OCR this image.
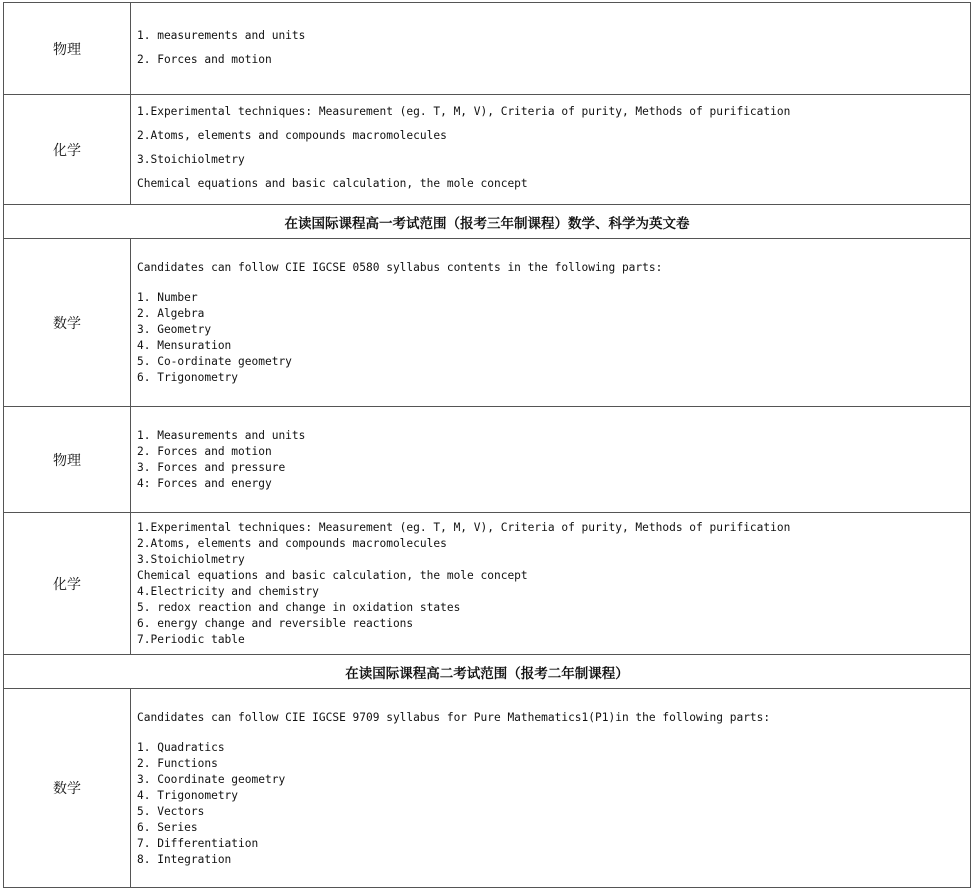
物理

1. measurements and units

2. Forces and motion

化学

1.Experimental techniques: Measurement (eg. T, M, V), Criteria of purity, Methods of purification

2.Atoms, elements and compounds macromolecules

3.Stoichiolmetry

Chemical equations and basic calculation, the mole concept

在读国际课程高一考试范围（报考三年制课程）数学、科学为英文卷
数学

Candidates can follow CIE IGCSE 0580 syllabus contents in the following parts:

1. Number

2. Algebra

3. Geometry

4. Mensuration

5. Co-ordinate geometry

6. Trigonometry

物理

1. Measurements and units

2. Forces and motion

3. Forces and pressure

4: Forces and energy

化学

1.Experimental techniques: Measurement (eg. T, M, V), Criteria of purity, Methods of purification

2.Atoms, elements and compounds macromolecules

3.Stoichiolmetry

Chemical equations and basic calculation, the mole concept

4.Electricity and chemistry

5. redox reaction and change in oxidation states

6. energy change and reversible reactions

7.Periodic table

在读国际课程高二考试范围（报考二年制课程）
数学

Candidates can follow CIE IGCSE 9709 syllabus for Pure Mathematics1(P1)in the following parts:

1. Quadratics

2. Functions

3. Coordinate geometry

4. Trigonometry

5. Vectors

6. Series

7. Differentiation

8. Integration
